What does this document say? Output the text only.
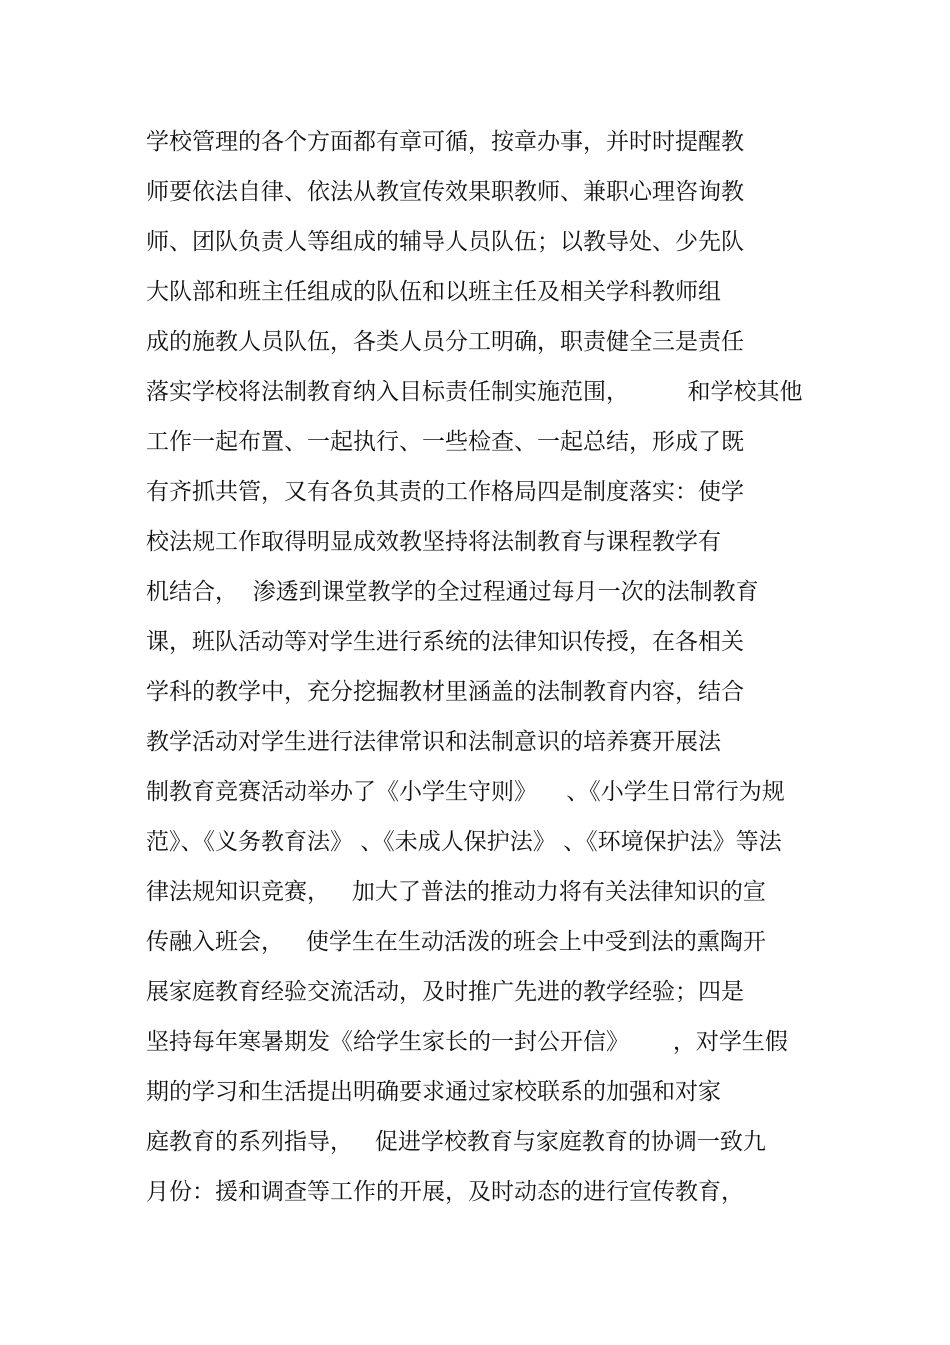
学校管理的各个方面都有章可循，按章办事，并时时提醒教

师要依法自律、依法从教宣传效果职教师、兼职心理咨询教

师、团队负责人等组成的辅导人员队伍；以教导处、少先队

大队部和班主任组成的队伍和以班主任及相关学科教师组

成的施教人员队伍，各类人员分工明确，职责健全三是责任

落实学校将法制教育纳入目标责任制实施范围，        和学校其他

工作一起布置、一起执行、一些检查、一起总结，形成了既

有齐抓共管，又有各负其责的工作格局四是制度落实：使学

校法规工作取得明显成效教坚持将法制教育与课程教学有

机结合，  渗透到课堂教学的全过程通过每月一次的法制教育

课，班队活动等对学生进行系统的法律知识传授，在各相关

学科的教学中，充分挖掘教材里涵盖的法制教育内容，结合

教学活动对学生进行法律常识和法制意识的培养赛开展法

制教育竞赛活动举办了《小学生守则》    、《小学生日常行为规

范》、《义务教育法》 、《未成人保护法》 、《环境保护法》等法

律法规知识竞赛，   加大了普法的推动力将有关法律知识的宣

传融入班会，   使学生在生动活泼的班会上中受到法的熏陶开

展家庭教育经验交流活动，及时推广先进的教学经验；四是

坚持每年寒暑期发《给学生家长的一封公开信》      ，对学生假

期的学习和生活提出明确要求通过家校联系的加强和对家

庭教育的系列指导，   促进学校教育与家庭教育的协调一致九

月份：援和调查等工作的开展，及时动态的进行宣传教育，
